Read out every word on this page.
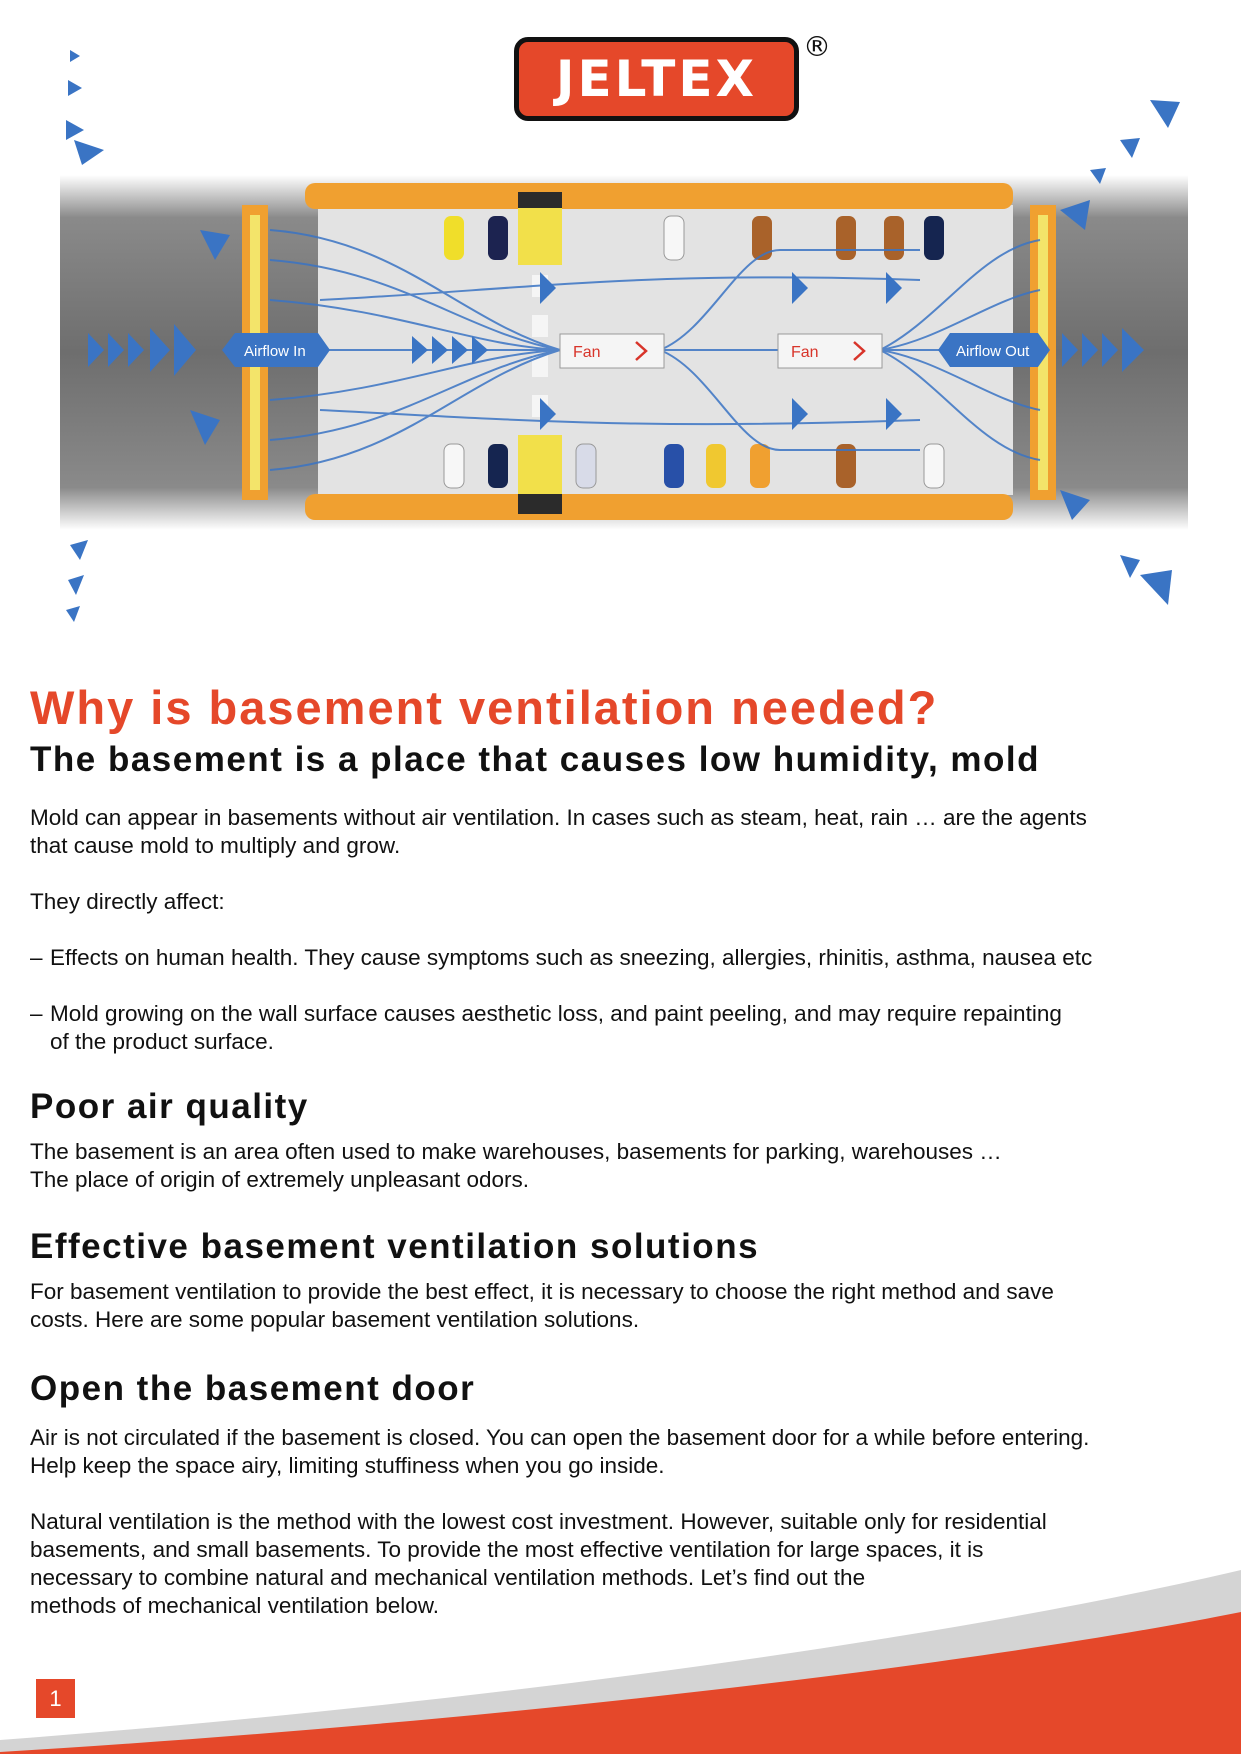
JELTEX
®
Airflow In	Airflow Out
Fan	Fan
Why is basement ventilation needed?
The basement is a place that causes low humidity, mold

Mold can appear in basements without air ventilation. In cases such as steam, heat, rain … are the agents

that cause mold to multiply and grow.

They directly affect:

– Effects on human health. They cause symptoms such as sneezing, allergies, rhinitis, asthma, nausea etc
– Mold growing on the wall surface causes aesthetic loss, and paint peeling, and may require repainting
of the product surface.
Poor air quality

The basement is an area often used to make warehouses, basements for parking, warehouses …

The place of origin of extremely unpleasant odors.

Effective basement ventilation solutions

For basement ventilation to provide the best effect, it is necessary to choose the right method and save

costs. Here are some popular basement ventilation solutions.

Open the basement door

Air is not circulated if the basement is closed. You can open the basement door for a while before entering.

Help keep the space airy, limiting stuffiness when you go inside.

Natural ventilation is the method with the lowest cost investment. However, suitable only for residential

basements, and small basements. To provide the most effective ventilation for large spaces, it is

necessary to combine natural and mechanical ventilation methods. Let’s find out the

methods of mechanical ventilation below.

1
